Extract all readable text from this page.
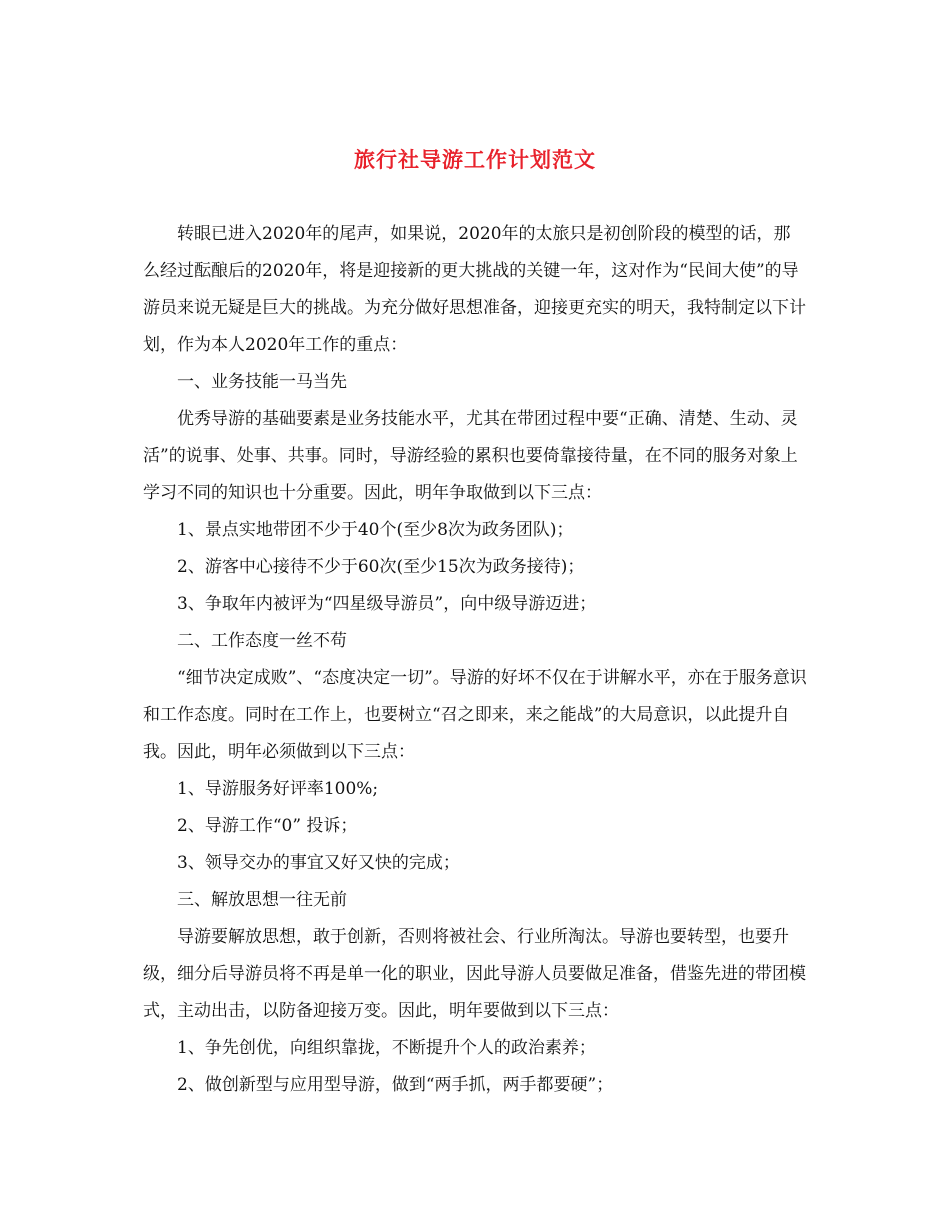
旅行社导游工作计划范文

转眼已进入2020年的尾声，如果说，2020年的太旅只是初创阶段的模型的话，那么经过酝酿后的2020年，将是迎接新的更大挑战的关键一年，这对作为“民间大使”的导游员来说无疑是巨大的挑战。为充分做好思想准备，迎接更充实的明天，我特制定以下计划，作为本人2020年工作的重点：

一、业务技能一马当先

优秀导游的基础要素是业务技能水平，尤其在带团过程中要“正确、清楚、生动、灵活”的说事、处事、共事。同时，导游经验的累积也要倚靠接待量，在不同的服务对象上学习不同的知识也十分重要。因此，明年争取做到以下三点：

1、景点实地带团不少于40个(至少8次为政务团队)；

2、游客中心接待不少于60次(至少15次为政务接待)；

3、争取年内被评为“四星级导游员”，向中级导游迈进；

二、工作态度一丝不苟

“细节决定成败”、“态度决定一切”。导游的好坏不仅在于讲解水平，亦在于服务意识和工作态度。同时在工作上，也要树立“召之即来，来之能战”的大局意识，以此提升自我。因此，明年必须做到以下三点：

1、导游服务好评率100%;

2、导游工作“0” 投诉；

3、领导交办的事宜又好又快的完成；

三、解放思想一往无前

导游要解放思想，敢于创新，否则将被社会、行业所淘汰。导游也要转型，也要升级，细分后导游员将不再是单一化的职业，因此导游人员要做足准备，借鉴先进的带团模式，主动出击，以防备迎接万变。因此，明年要做到以下三点：

1、争先创优，向组织靠拢，不断提升个人的政治素养；

2、做创新型与应用型导游，做到“两手抓，两手都要硬”；
